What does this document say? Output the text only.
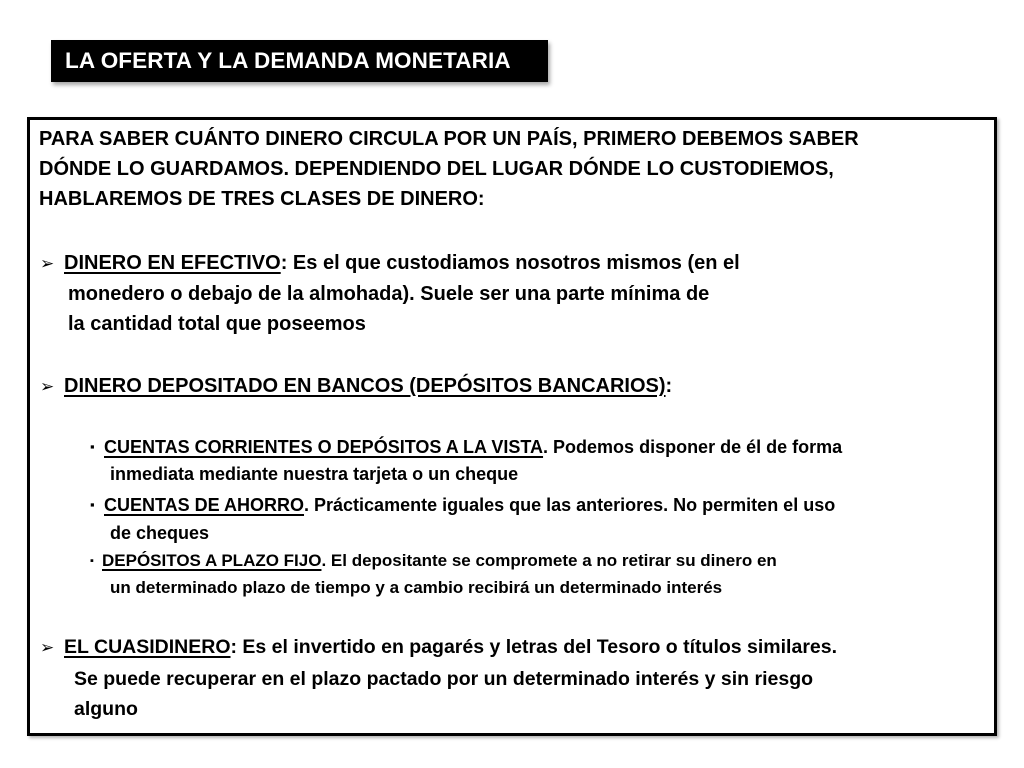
LA OFERTA Y LA DEMANDA MONETARIA
PARA SABER CUÁNTO DINERO CIRCULA POR UN PAÍS, PRIMERO DEBEMOS SABER
DÓNDE LO GUARDAMOS. DEPENDIENDO DEL LUGAR DÓNDE LO CUSTODIEMOS,
HABLAREMOS DE TRES CLASES DE DINERO:
➢ DINERO EN EFECTIVO: Es el que custodiamos nosotros mismos (en el
monedero o debajo de la almohada). Suele ser una parte mínima de
la cantidad total que poseemos
➢ DINERO DEPOSITADO EN BANCOS (DEPÓSITOS BANCARIOS):
▪ CUENTAS CORRIENTES O DEPÓSITOS A LA VISTA. Podemos disponer de él de forma
inmediata mediante nuestra tarjeta o un cheque
▪ CUENTAS DE AHORRO. Prácticamente iguales que las anteriores. No permiten el uso
de cheques
▪ DEPÓSITOS A PLAZO FIJO. El depositante se compromete a no retirar su dinero en
un determinado plazo de tiempo y a cambio recibirá un determinado interés
➢ EL CUASIDINERO: Es el invertido en pagarés y letras del Tesoro o títulos similares.
Se puede recuperar en el plazo pactado por un determinado interés y sin riesgo
alguno
